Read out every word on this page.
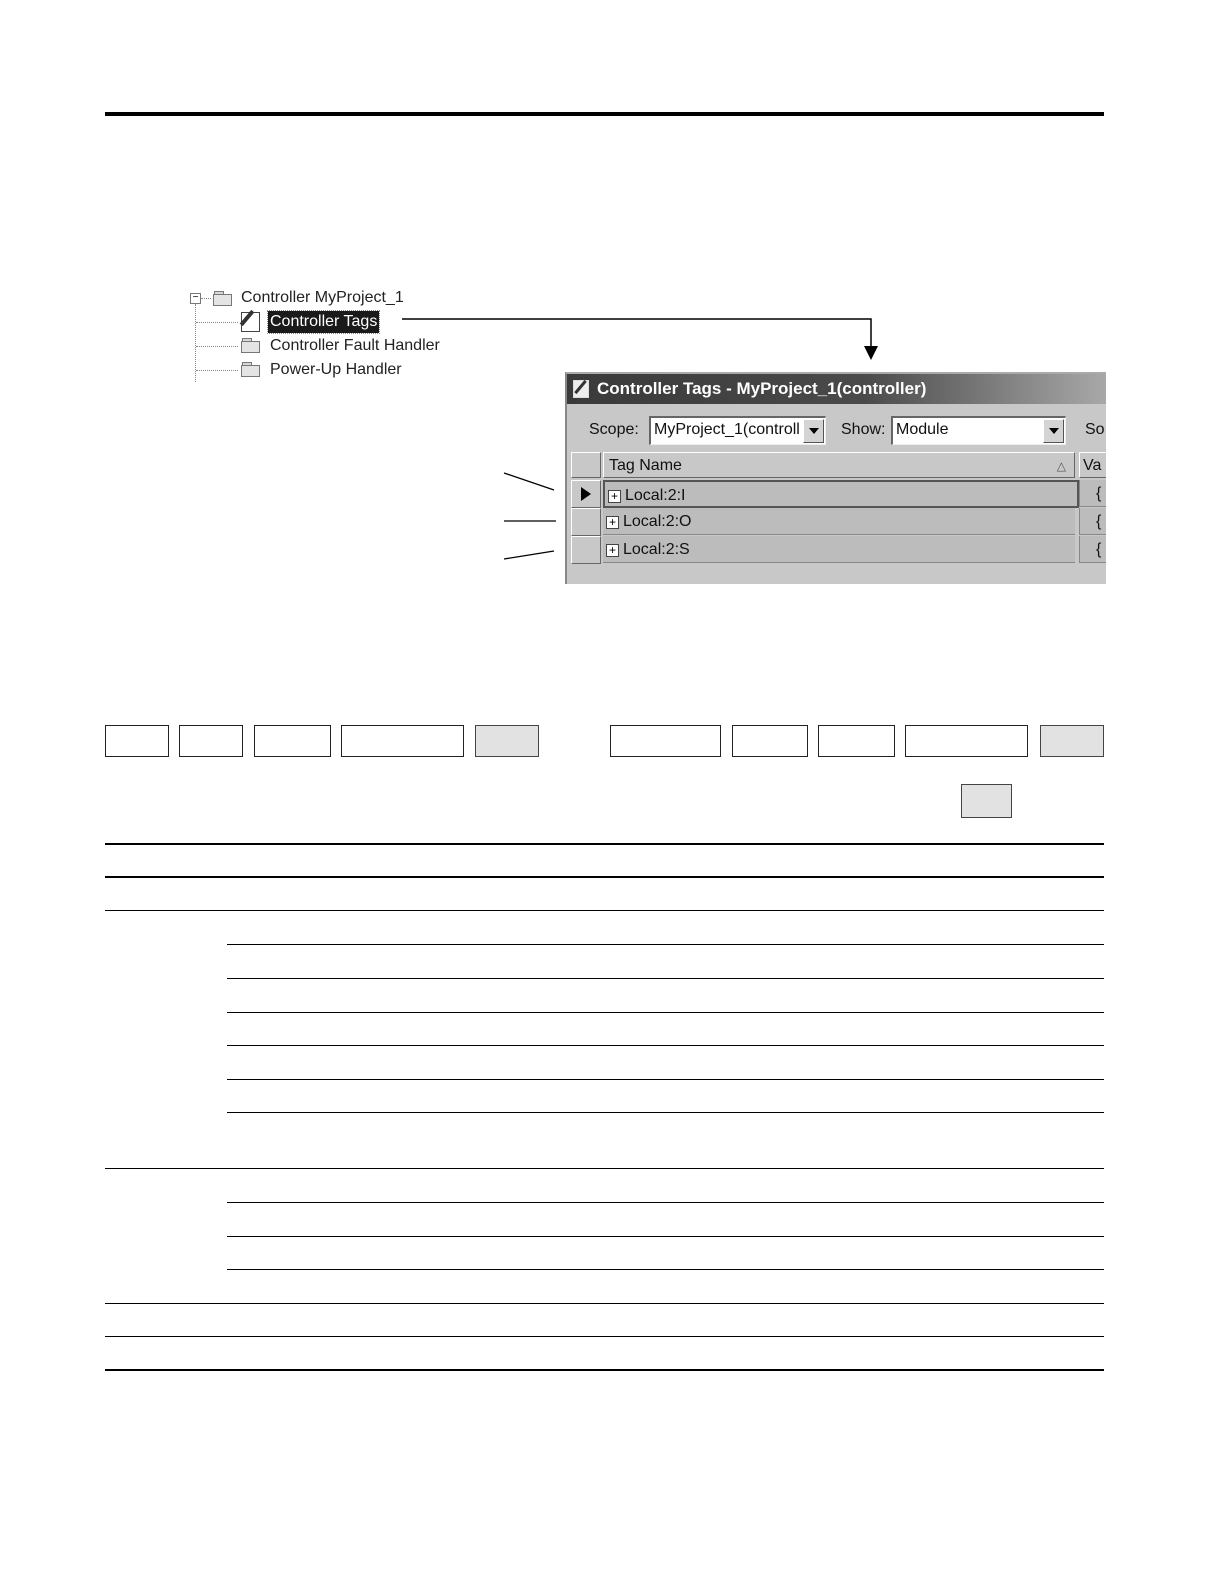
−	Controller MyProject_1
Controller Tags
Controller Fault Handler
Power-Up Handler
Controller Tags - MyProject_1(controller)
Scope: MyProject_1(controll	Show: Module	So
Tag Name	△ Va
+ Local:2:I	{
+ Local:2:O	{
+ Local:2:S	{
